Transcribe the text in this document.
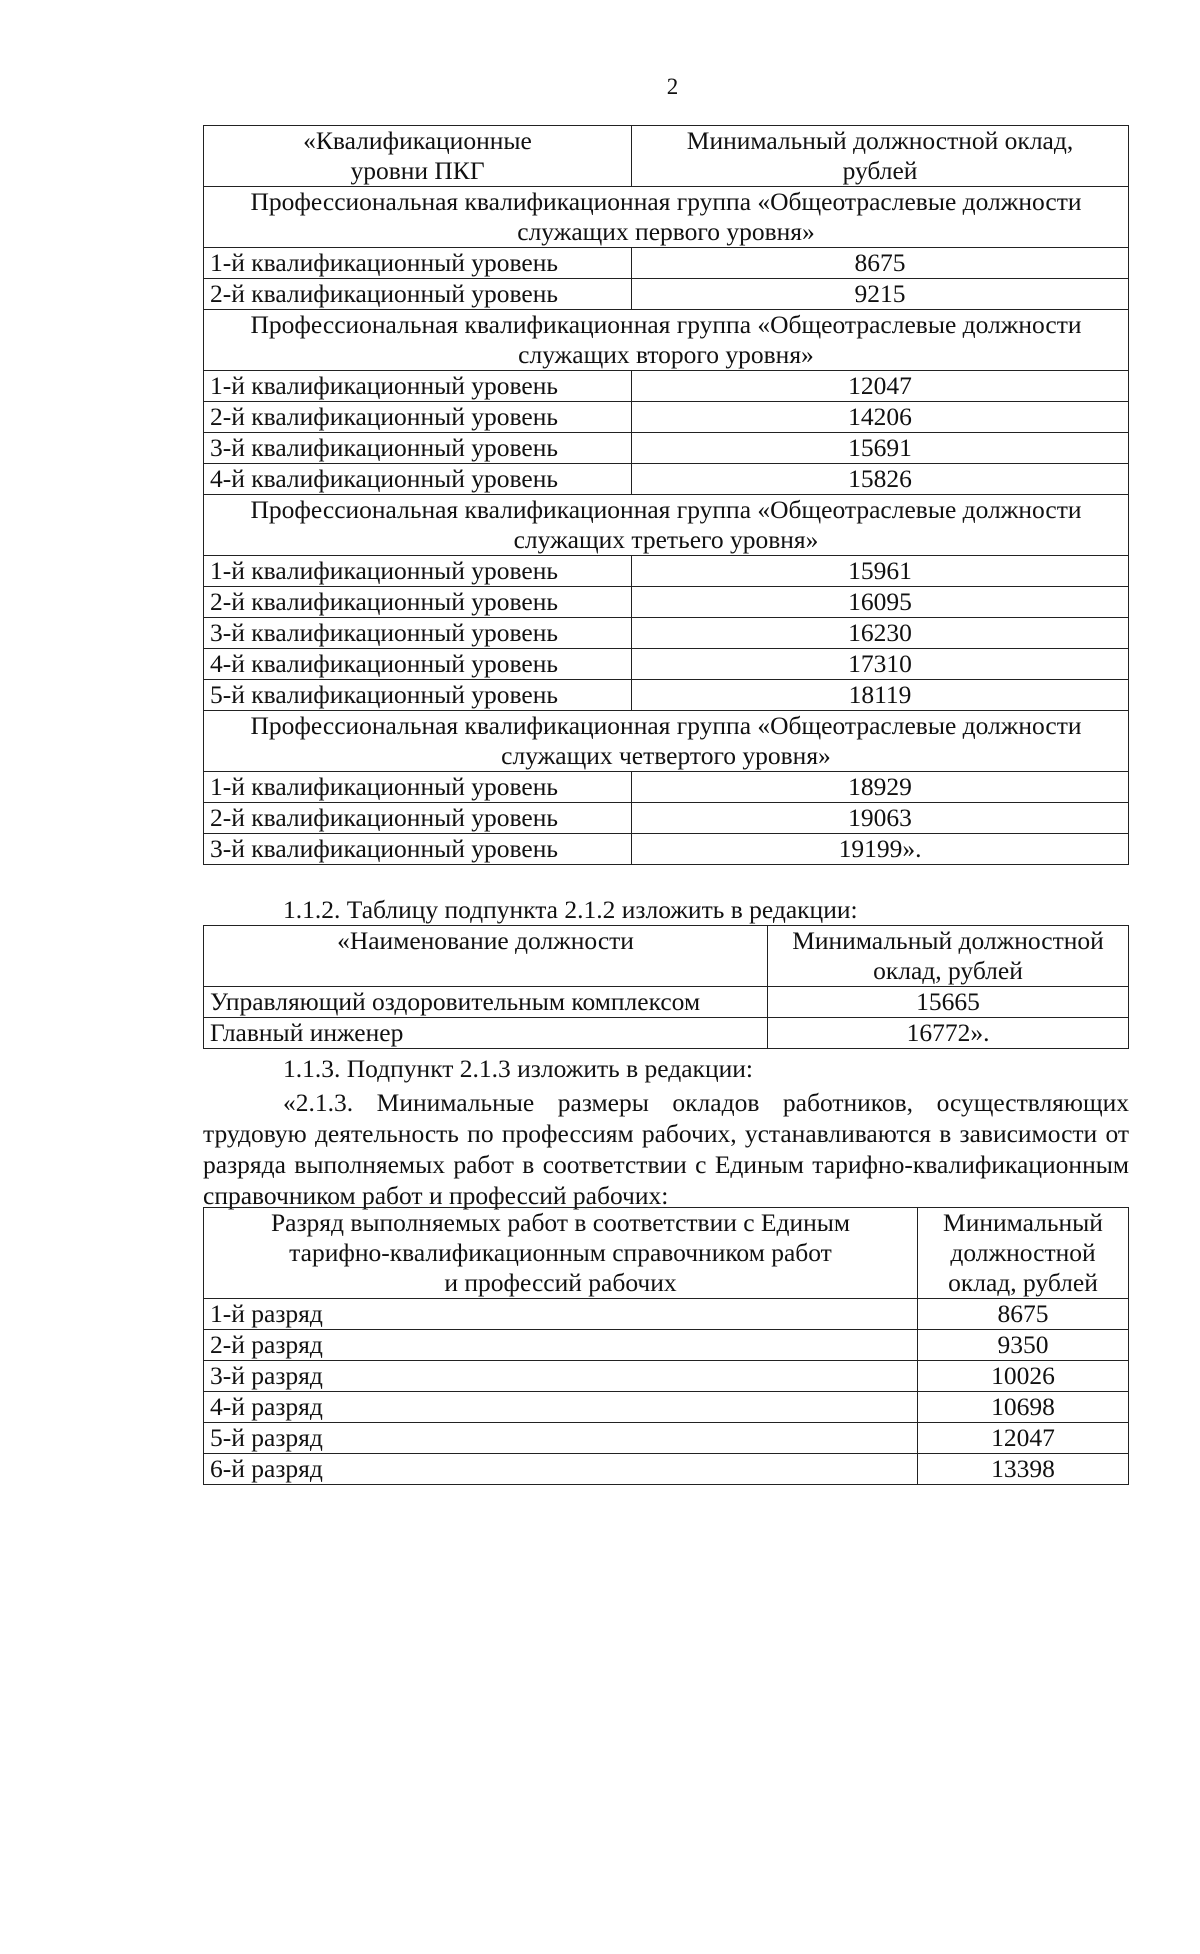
2
«Квалификационные
уровни ПКГ	Минимальный должностной оклад,
рублей

Профессиональная квалификационная группа «Общеотраслевые должности
служащих первого уровня»	

1-й квалификационный уровень	8675
2-й квалификационный уровень	9215

Профессиональная квалификационная группа «Общеотраслевые должности
служащих второго уровня»	

1-й квалификационный уровень	12047
2-й квалификационный уровень	14206
3-й квалификационный уровень	15691
4-й квалификационный уровень	15826

Профессиональная квалификационная группа «Общеотраслевые должности
служащих третьего уровня»	

1-й квалификационный уровень	15961
2-й квалификационный уровень	16095
3-й квалификационный уровень	16230
4-й квалификационный уровень	17310
5-й квалификационный уровень	18119

Профессиональная квалификационная группа «Общеотраслевые должности
служащих четвертого уровня»	

1-й квалификационный уровень	18929
2-й квалификационный уровень	19063
3-й квалификационный уровень	19199».
1.1.2. Таблицу подпункта 2.1.2 изложить в редакции:
«Наименование должности	Минимальный должностной
оклад, рублей

Управляющий оздоровительным комплексом	15665
Главный инженер	16772».
1.1.3. Подпункт 2.1.3 изложить в редакции:
«2.1.3. Минимальные размеры окладов работников, осуществляющих трудовую деятельность по профессиям рабочих, устанавливаются в зависимости от разряда выполняемых работ в соответствии с Единым тарифно-квалификационным справочником работ и профессий рабочих:
Разряд выполняемых работ в соответствии с Единым
тарифно-квалификационным справочником работ
и профессий рабочих	Минимальный
должностной
оклад, рублей

1-й разряд	8675
2-й разряд	9350
3-й разряд	10026
4-й разряд	10698
5-й разряд	12047
6-й разряд	13398
